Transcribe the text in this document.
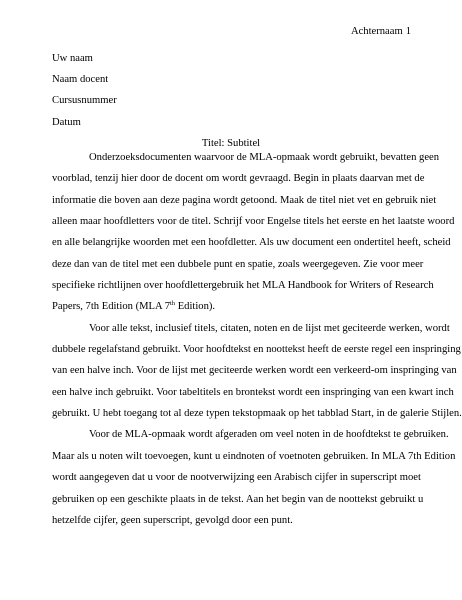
Achternaam 1
Uw naam
Naam docent
Cursusnummer
Datum
Titel: Subtitel
Onderzoeksdocumenten waarvoor de MLA-opmaak wordt gebruikt, bevatten geen
voorblad, tenzij hier door de docent om wordt gevraagd. Begin in plaats daarvan met de
informatie die boven aan deze pagina wordt getoond. Maak de titel niet vet en gebruik niet
alleen maar hoofdletters voor de titel. Schrijf voor Engelse titels het eerste en het laatste woord
en alle belangrijke woorden met een hoofdletter. Als uw document een ondertitel heeft, scheid
deze dan van de titel met een dubbele punt en spatie, zoals weergegeven. Zie voor meer
specifieke richtlijnen over hoofdlettergebruik het MLA Handbook for Writers of Research
Papers, 7th Edition (MLA 7th Edition).
Voor alle tekst, inclusief titels, citaten, noten en de lijst met geciteerde werken, wordt
dubbele regelafstand gebruikt. Voor hoofdtekst en noottekst heeft de eerste regel een inspringing
van een halve inch. Voor de lijst met geciteerde werken wordt een verkeerd-om inspringing van
een halve inch gebruikt. Voor tabeltitels en brontekst wordt een inspringing van een kwart inch
gebruikt. U hebt toegang tot al deze typen tekstopmaak op het tabblad Start, in de galerie Stijlen.
Voor de MLA-opmaak wordt afgeraden om veel noten in de hoofdtekst te gebruiken.
Maar als u noten wilt toevoegen, kunt u eindnoten of voetnoten gebruiken. In MLA 7th Edition
wordt aangegeven dat u voor de nootverwijzing een Arabisch cijfer in superscript moet
gebruiken op een geschikte plaats in de tekst. Aan het begin van de noottekst gebruikt u
hetzelfde cijfer, geen superscript, gevolgd door een punt.
